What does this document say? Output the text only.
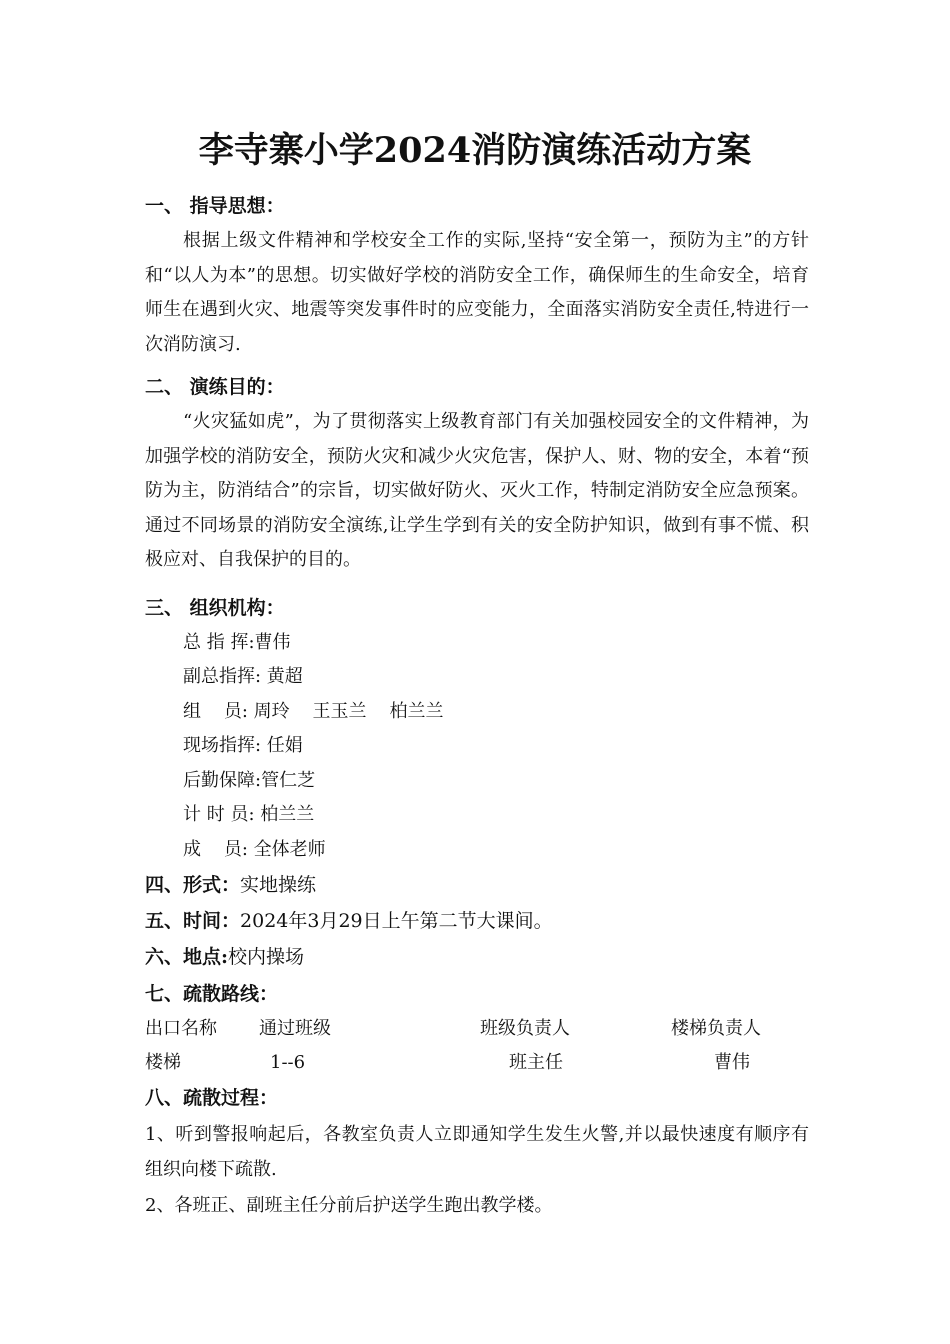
李寺寨小学2024消防演练活动方案
一、 指导思想：
根据上级文件精神和学校安全工作的实际,坚持“安全第一，预防为主”的方针和“以人为本”的思想。切实做好学校的消防安全工作，确保师生的生命安全，培育师生在遇到火灾、地震等突发事件时的应变能力，全面落实消防安全责任,特进行一次消防演习.
二、 演练目的：
“火灾猛如虎”，为了贯彻落实上级教育部门有关加强校园安全的文件精神，为加强学校的消防安全，预防火灾和减少火灾危害，保护人、财、物的安全，本着“预防为主，防消结合”的宗旨，切实做好防火、灭火工作，特制定消防安全应急预案。通过不同场景的消防安全演练,让学生学到有关的安全防护知识，做到有事不慌、积极应对、自我保护的目的。
三、 组织机构：
总 指 挥:曹伟
副总指挥: 黄超
组    员: 周玲    王玉兰    柏兰兰
现场指挥: 任娟
后勤保障:管仁芝
计 时 员: 柏兰兰
成    员: 全体老师
四、形式：实地操练
五、时间：2024年3月29日上午第二节大课间。
六、地点:校内操场
七、疏散路线：
出口名称 通过班级	班级负责人	楼梯负责人
楼梯	1--6	班主任	曹伟
八、疏散过程：
1、听到警报响起后，各教室负责人立即通知学生发生火警,并以最快速度有顺序有组织向楼下疏散.
2、各班正、副班主任分前后护送学生跑出教学楼。
